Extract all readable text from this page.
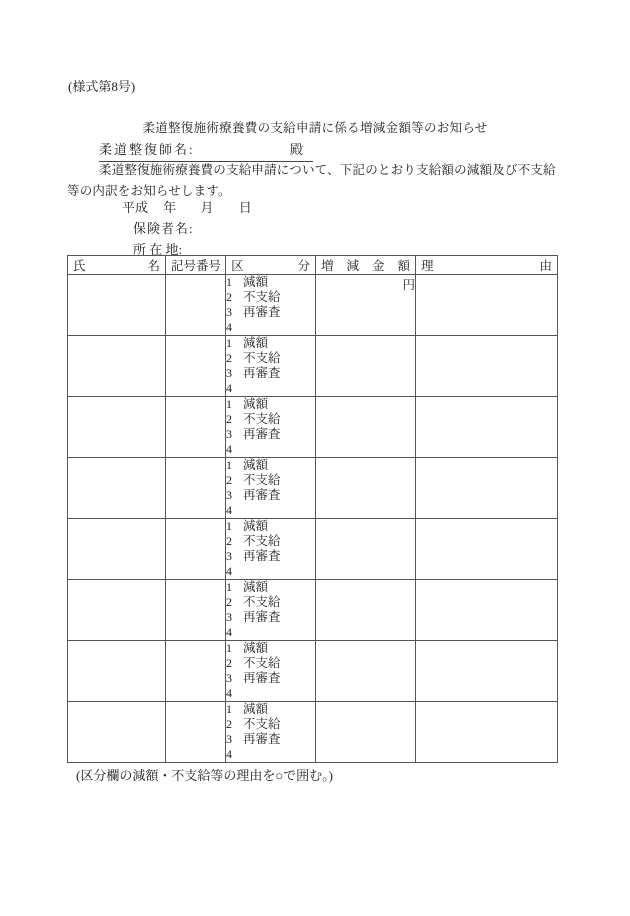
(様式第8号)
柔道整復施術療養費の支給申請に係る増減金額等のお知らせ
柔道整復師名:	殿

柔道整復施術療養費の支給申請について、下記のとおり支給額の減額及び不支給等の内訳をお知らせします。

平成 年 月 日
保険者名:
所 在 地:
氏 名	記 号 番 号	区 分	増 減 金 額	理 由

		1 減額
2 不支給
3 再審査
4	円	

		1 減額
2 不支給
3 再審査
4		

		1 減額
2 不支給
3 再審査
4		

		1 減額
2 不支給
3 再審査
4		

		1 減額
2 不支給
3 再審査
4		

		1 減額
2 不支給
3 再審査
4		

		1 減額
2 不支給
3 再審査
4		

		1 減額
2 不支給
3 再審査
4		

(区分欄の減額・不支給等の理由を○で囲む。)
